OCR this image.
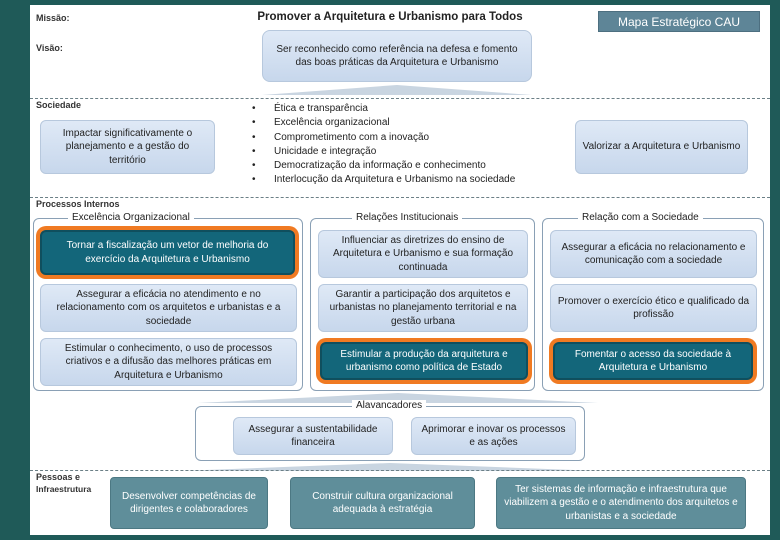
Missão:	Promover a Arquitetura e Urbanismo para Todos	Mapa Estratégico CAU
Visão:	Ser reconhecido como referência na defesa e fomento das boas práticas da Arquitetura e Urbanismo
Sociedade
Impactar significativamente o planejamento e a gestão do território
• Ética e transparência
• Excelência organizacional
• Comprometimento com a inovação
• Unicidade e integração
• Democratização da informação e conhecimento
• Interlocução da Arquitetura e Urbanismo na sociedade
Valorizar a Arquitetura e Urbanismo
Processos Internos
Excelência Organizacional
Tornar a fiscalização um vetor de melhoria do exercício da Arquitetura e Urbanismo
Assegurar a eficácia no atendimento e no relacionamento com os arquitetos e urbanistas e a sociedade
Estimular o conhecimento, o uso de processos criativos e a difusão das melhores práticas em Arquitetura e Urbanismo
Relações Institucionais
Influenciar as diretrizes do ensino de Arquitetura e Urbanismo e sua formação continuada
Garantir a participação dos arquitetos e urbanistas no planejamento territorial e na gestão urbana
Estimular a produção da arquitetura e urbanismo como política de Estado
Relação com a Sociedade
Assegurar a eficácia no relacionamento e comunicação com a sociedade
Promover o exercício ético e qualificado da profissão
Fomentar o acesso da sociedade à Arquitetura e Urbanismo
Alavancadores
Assegurar a sustentabilidade financeira
Aprimorar e inovar os processos e as ações
Pessoas e
Infraestrutura
Desenvolver competências de dirigentes e colaboradores
Construir cultura organizacional adequada à estratégia
Ter sistemas de informação e infraestrutura que viabilizem a gestão e o atendimento dos arquitetos e urbanistas e a sociedade
